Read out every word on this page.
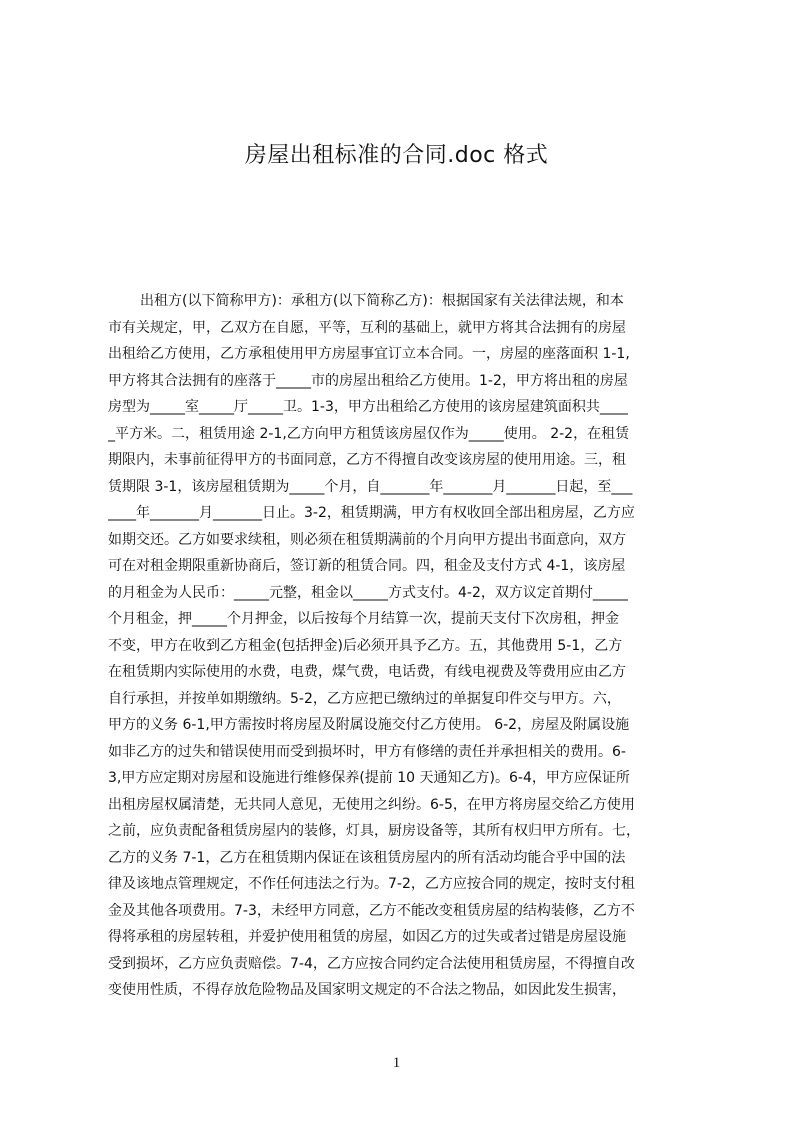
房屋出租标准的合同.doc 格式
出租方(以下简称甲方)：承租方(以下简称乙方)：根据国家有关法律法规，和本
市有关规定，甲，乙双方在自愿，平等，互利的基础上，就甲方将其合法拥有的房屋
出租给乙方使用，乙方承租使用甲方房屋事宜订立本合同。一，房屋的座落面积 1-1,
甲方将其合法拥有的座落于_____市的房屋出租给乙方使用。1-2，甲方将出租的房屋
房型为_____室_____厅_____卫。1-3，甲方出租给乙方使用的该房屋建筑面积共____
_平方米。二，租赁用途 2-1,乙方向甲方租赁该房屋仅作为_____使用。 2-2，在租赁
期限内，未事前征得甲方的书面同意，乙方不得擅自改变该房屋的使用用途。三，租
赁期限 3-1，该房屋租赁期为_____个月，自_______年_______月_______日起，至___
____年_______月_______日止。3-2，租赁期满，甲方有权收回全部出租房屋，乙方应
如期交还。乙方如要求续租，则必须在租赁期满前的个月向甲方提出书面意向，双方
可在对租金期限重新协商后，签订新的租赁合同。四，租金及支付方式 4-1，该房屋
的月租金为人民币：_____元整，租金以_____方式支付。4-2，双方议定首期付_____
个月租金，押_____个月押金，以后按每个月结算一次，提前天支付下次房租，押金
不变，甲方在收到乙方租金(包括押金)后必须开具予乙方。五，其他费用 5-1，乙方
在租赁期内实际使用的水费，电费，煤气费，电话费，有线电视费及等费用应由乙方
自行承担，并按单如期缴纳。5-2，乙方应把已缴纳过的单据复印件交与甲方。六，
甲方的义务 6-1,甲方需按时将房屋及附属设施交付乙方使用。 6-2，房屋及附属设施
如非乙方的过失和错误使用而受到损坏时，甲方有修缮的责任并承担相关的费用。6-
3,甲方应定期对房屋和设施进行维修保养(提前 10 天通知乙方)。6-4，甲方应保证所
出租房屋权属清楚，无共同人意见，无使用之纠纷。6-5，在甲方将房屋交给乙方使用
之前，应负责配备租赁房屋内的装修，灯具，厨房设备等，其所有权归甲方所有。七，
乙方的义务 7-1，乙方在租赁期内保证在该租赁房屋内的所有活动均能合乎中国的法
律及该地点管理规定，不作任何违法之行为。7-2，乙方应按合同的规定，按时支付租
金及其他各项费用。7-3，未经甲方同意，乙方不能改变租赁房屋的结构装修，乙方不
得将承租的房屋转租，并爱护使用租赁的房屋，如因乙方的过失或者过错是房屋设施
受到损坏，乙方应负责赔偿。7-4，乙方应按合同约定合法使用租赁房屋，不得擅自改
变使用性质，不得存放危险物品及国家明文规定的不合法之物品，如因此发生损害，
1
